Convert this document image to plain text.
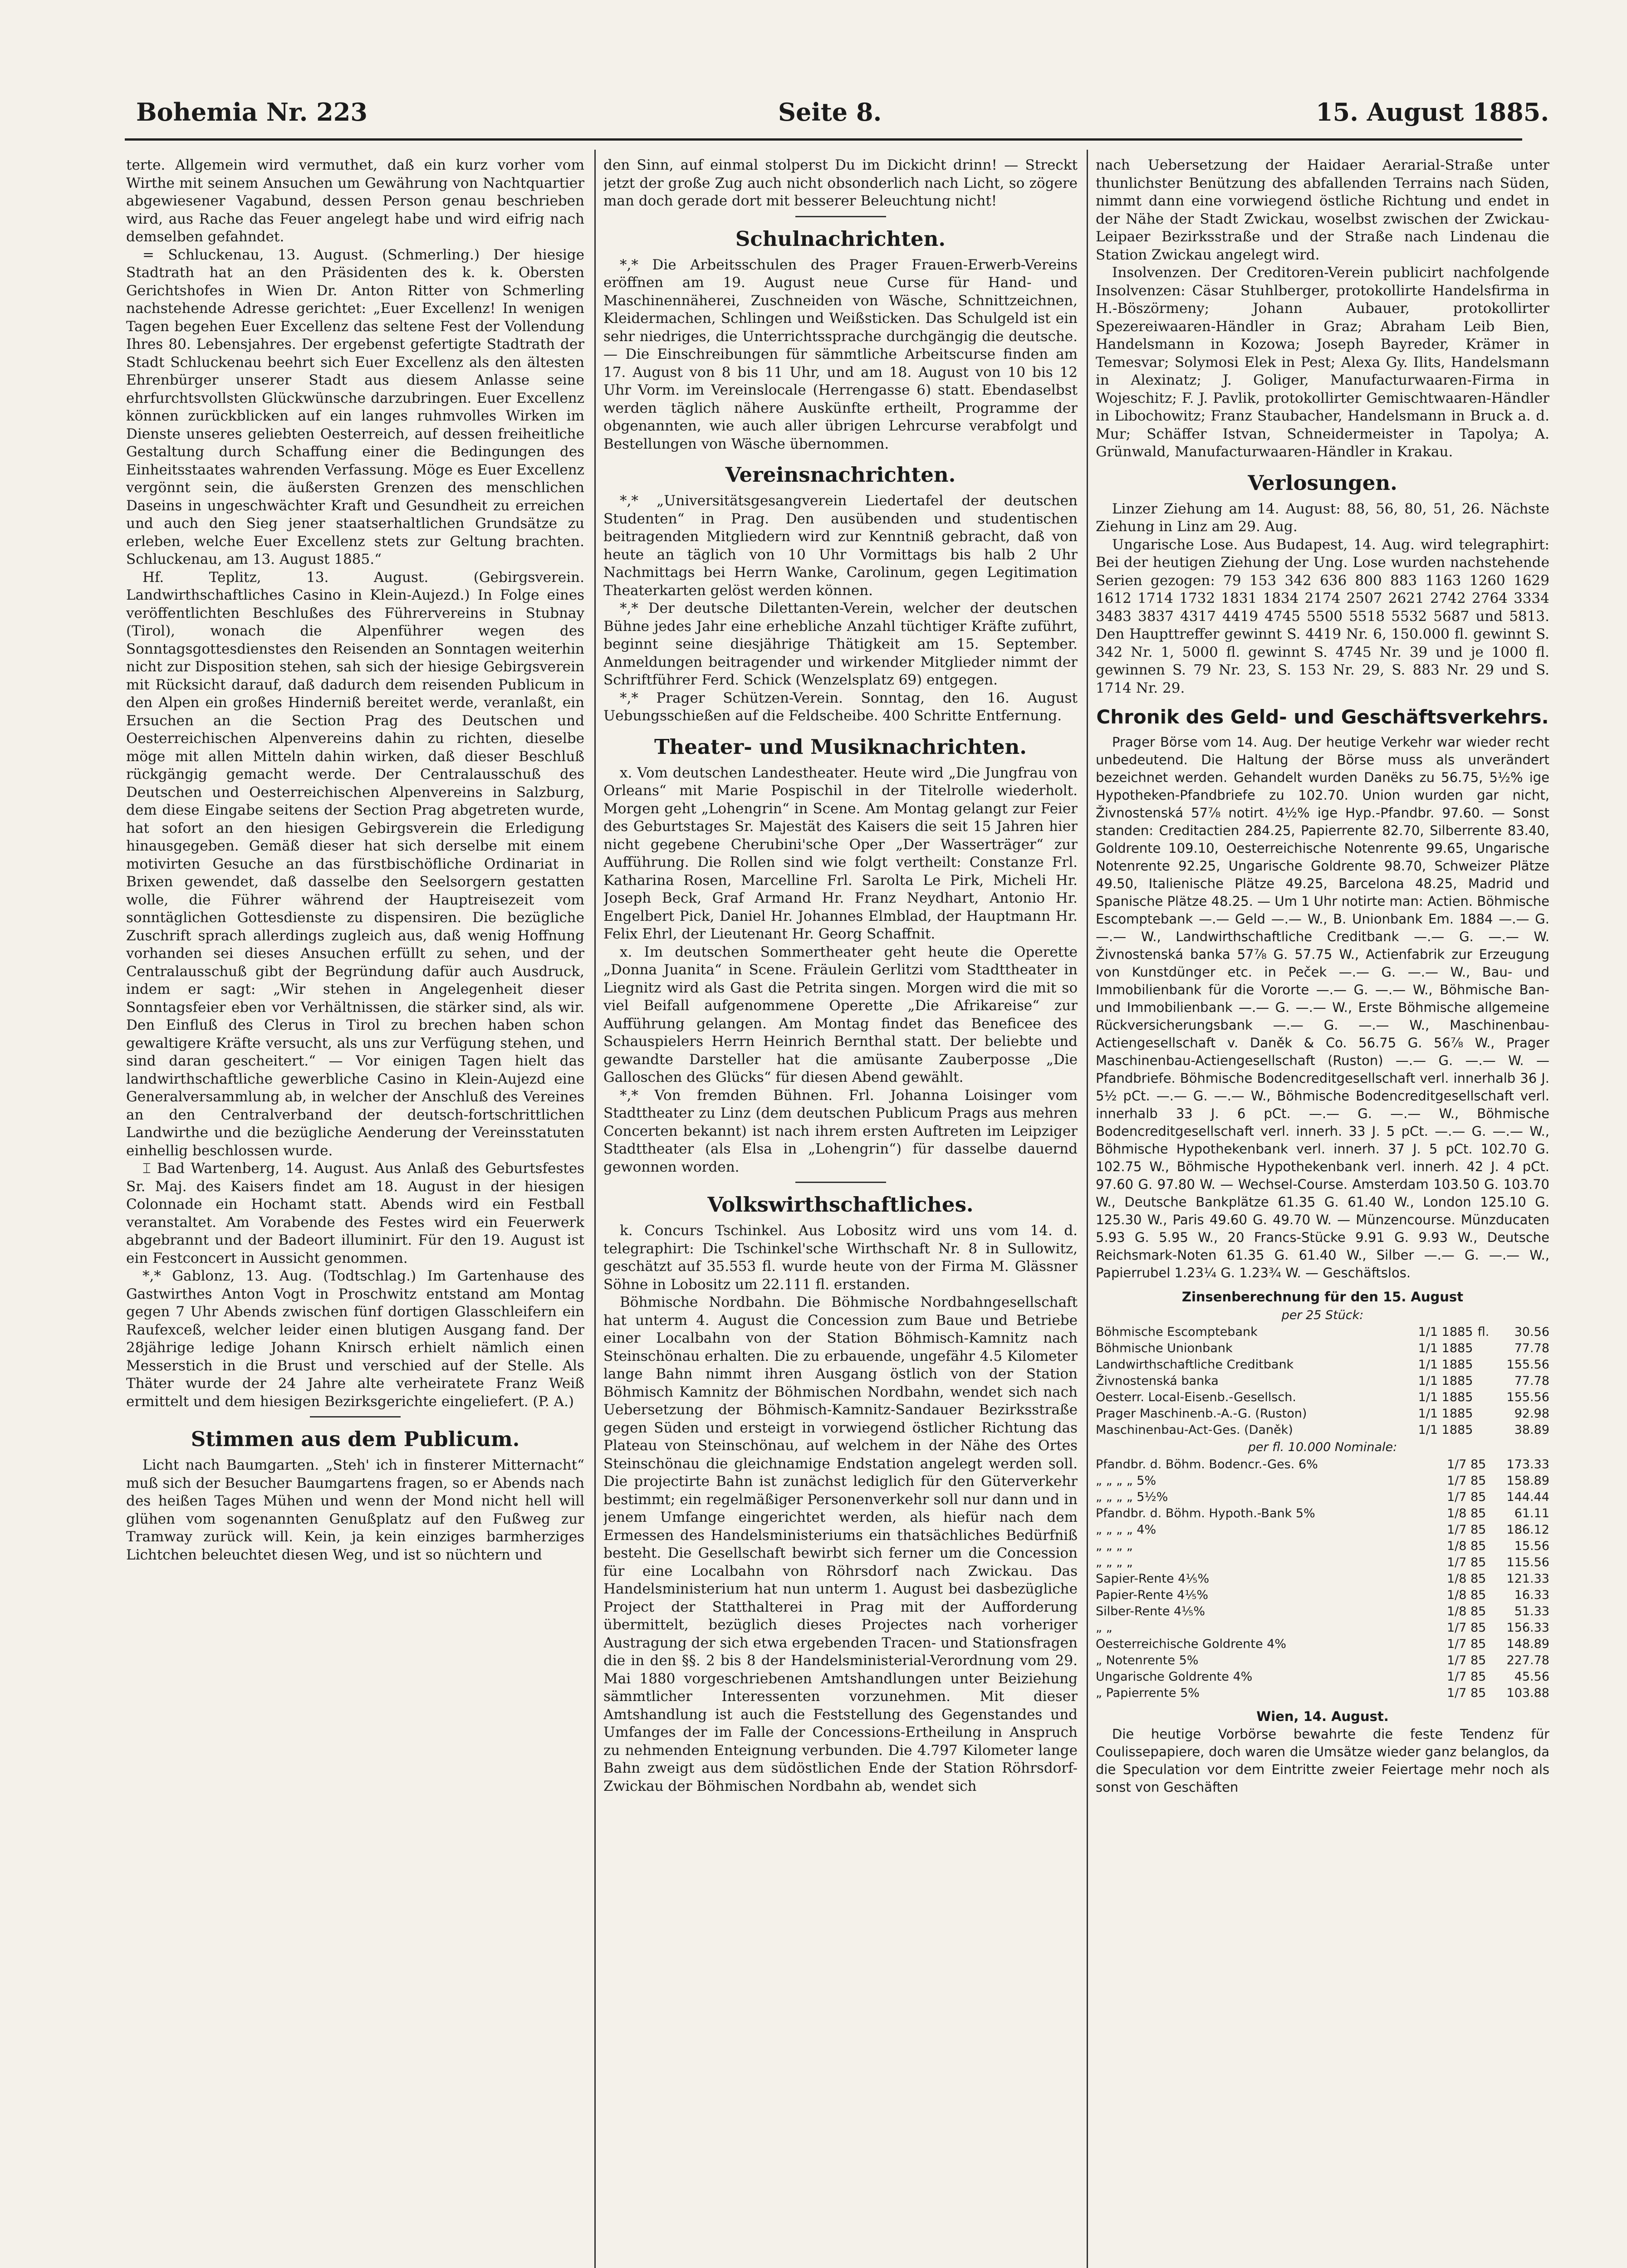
Bohemia Nr. 223	Seite 8.	15. August 1885.

terte. Allgemein wird vermuthet, daß ein kurz vorher vom Wirthe mit seinem Ansuchen um Gewährung von Nachtquartier abgewiesener Vagabund, dessen Person genau beschrieben wird, aus Rache das Feuer angelegt habe und wird eifrig nach demselben gefahndet.

= Schluckenau, 13. August. (Schmerling.) Der hiesige Stadtrath hat an den Präsidenten des k. k. Obersten Gerichtshofes in Wien Dr. Anton Ritter von Schmerling nachstehende Adresse gerichtet: „Euer Excellenz! In wenigen Tagen begehen Euer Excellenz das seltene Fest der Vollendung Ihres 80. Lebensjahres. Der ergebenst gefertigte Stadtrath der Stadt Schluckenau beehrt sich Euer Excellenz als den ältesten Ehrenbürger unserer Stadt aus diesem Anlasse seine ehrfurchtsvollsten Glückwünsche darzubringen. Euer Excellenz können zurückblicken auf ein langes ruhmvolles Wirken im Dienste unseres geliebten Oesterreich, auf dessen freiheitliche Gestaltung durch Schaffung einer die Bedingungen des Einheitsstaates wahrenden Verfassung. Möge es Euer Excellenz vergönnt sein, die äußersten Grenzen des menschlichen Daseins in ungeschwächter Kraft und Gesundheit zu erreichen und auch den Sieg jener staatserhaltlichen Grundsätze zu erleben, welche Euer Excellenz stets zur Geltung brachten. Schluckenau, am 13. August 1885.“

Hf. Teplitz, 13. August. (Gebirgsverein. Landwirthschaftliches Casino in Klein-Aujezd.) In Folge eines veröffentlichten Beschlußes des Führervereins in Stubnay (Tirol), wonach die Alpenführer wegen des Sonntagsgottesdienstes den Reisenden an Sonntagen weiterhin nicht zur Disposition stehen, sah sich der hiesige Gebirgsverein mit Rücksicht darauf, daß dadurch dem reisenden Publicum in den Alpen ein großes Hinderniß bereitet werde, veranlaßt, ein Ersuchen an die Section Prag des Deutschen und Oesterreichischen Alpenvereins dahin zu richten, dieselbe möge mit allen Mitteln dahin wirken, daß dieser Beschluß rückgängig gemacht werde. Der Centralausschuß des Deutschen und Oesterreichischen Alpenvereins in Salzburg, dem diese Eingabe seitens der Section Prag abgetreten wurde, hat sofort an den hiesigen Gebirgsverein die Erledigung hinausgegeben. Gemäß dieser hat sich derselbe mit einem motivirten Gesuche an das fürstbischöfliche Ordinariat in Brixen gewendet, daß dasselbe den Seelsorgern gestatten wolle, die Führer während der Hauptreisezeit vom sonntäglichen Gottesdienste zu dispensiren. Die bezügliche Zuschrift sprach allerdings zugleich aus, daß wenig Hoffnung vorhanden sei dieses Ansuchen erfüllt zu sehen, und der Centralausschuß gibt der Begründung dafür auch Ausdruck, indem er sagt: „Wir stehen in Angelegenheit dieser Sonntagsfeier eben vor Verhältnissen, die stärker sind, als wir. Den Einfluß des Clerus in Tirol zu brechen haben schon gewaltigere Kräfte versucht, als uns zur Verfügung stehen, und sind daran gescheitert.“ — Vor einigen Tagen hielt das landwirthschaftliche gewerbliche Casino in Klein-Aujezd eine Generalversammlung ab, in welcher der Anschluß des Vereines an den Centralverband der deutsch-fortschrittlichen Landwirthe und die bezügliche Aenderung der Vereinsstatuten einhellig beschlossen wurde.

⌶ Bad Wartenberg, 14. August. Aus Anlaß des Geburtsfestes Sr. Maj. des Kaisers findet am 18. August in der hiesigen Colonnade ein Hochamt statt. Abends wird ein Festball veranstaltet. Am Vorabende des Festes wird ein Feuerwerk abgebrannt und der Badeort illuminirt. Für den 19. August ist ein Festconcert in Aussicht genommen.

*,* Gablonz, 13. Aug. (Todtschlag.) Im Gartenhause des Gastwirthes Anton Vogt in Proschwitz entstand am Montag gegen 7 Uhr Abends zwischen fünf dortigen Glasschleifern ein Raufexceß, welcher leider einen blutigen Ausgang fand. Der 28jährige ledige Johann Knirsch erhielt nämlich einen Messerstich in die Brust und verschied auf der Stelle. Als Thäter wurde der 24 Jahre alte verheiratete Franz Weiß ermittelt und dem hiesigen Bezirksgerichte eingeliefert. (P. A.)

Stimmen aus dem Publicum.

Licht nach Baumgarten. „Steh' ich in finsterer Mitternacht“ muß sich der Besucher Baumgartens fragen, so er Abends nach des heißen Tages Mühen und wenn der Mond nicht hell will glühen vom sogenannten Genußplatz auf den Fußweg zur Tramway zurück will. Kein, ja kein einziges barmherziges Lichtchen beleuchtet diesen Weg, und ist so nüchtern und

den Sinn, auf einmal stolperst Du im Dickicht drinn! — Streckt jetzt der große Zug auch nicht obsonderlich nach Licht, so zögere man doch gerade dort mit besserer Beleuchtung nicht!

Schulnachrichten.

*,* Die Arbeitsschulen des Prager Frauen-Erwerb-Vereins eröffnen am 19. August neue Curse für Hand- und Maschinennäherei, Zuschneiden von Wäsche, Schnittzeichnen, Kleidermachen, Schlingen und Weißsticken. Das Schulgeld ist ein sehr niedriges, die Unterrichtssprache durchgängig die deutsche. — Die Einschreibungen für sämmtliche Arbeitscurse finden am 17. August von 8 bis 11 Uhr, und am 18. August von 10 bis 12 Uhr Vorm. im Vereinslocale (Herrengasse 6) statt. Ebendaselbst werden täglich nähere Auskünfte ertheilt, Programme der obgenannten, wie auch aller übrigen Lehrcurse verabfolgt und Bestellungen von Wäsche übernommen.

Vereinsnachrichten.

*,* „Universitätsgesangverein Liedertafel der deutschen Studenten“ in Prag. Den ausübenden und studentischen beitragenden Mitgliedern wird zur Kenntniß gebracht, daß von heute an täglich von 10 Uhr Vormittags bis halb 2 Uhr Nachmittags bei Herrn Wanke, Carolinum, gegen Legitimation Theaterkarten gelöst werden können.

*,* Der deutsche Dilettanten-Verein, welcher der deutschen Bühne jedes Jahr eine erhebliche Anzahl tüchtiger Kräfte zuführt, beginnt seine diesjährige Thätigkeit am 15. September. Anmeldungen beitragender und wirkender Mitglieder nimmt der Schriftführer Ferd. Schick (Wenzelsplatz 69) entgegen.

*,* Prager Schützen-Verein. Sonntag, den 16. August Uebungsschießen auf die Feldscheibe. 400 Schritte Entfernung.

Theater- und Musiknachrichten.

x. Vom deutschen Landestheater. Heute wird „Die Jungfrau von Orleans“ mit Marie Pospischil in der Titelrolle wiederholt. Morgen geht „Lohengrin“ in Scene. Am Montag gelangt zur Feier des Geburtstages Sr. Majestät des Kaisers die seit 15 Jahren hier nicht gegebene Cherubini'sche Oper „Der Wasserträger“ zur Aufführung. Die Rollen sind wie folgt vertheilt: Constanze Frl. Katharina Rosen, Marcelline Frl. Sarolta Le Pirk, Micheli Hr. Joseph Beck, Graf Armand Hr. Franz Neydhart, Antonio Hr. Engelbert Pick, Daniel Hr. Johannes Elmblad, der Hauptmann Hr. Felix Ehrl, der Lieutenant Hr. Georg Schaffnit.

x. Im deutschen Sommertheater geht heute die Operette „Donna Juanita“ in Scene. Fräulein Gerlitzi vom Stadttheater in Liegnitz wird als Gast die Petrita singen. Morgen wird die mit so viel Beifall aufgenommene Operette „Die Afrikareise“ zur Aufführung gelangen. Am Montag findet das Beneficee des Schauspielers Herrn Heinrich Bernthal statt. Der beliebte und gewandte Darsteller hat die amüsante Zauberposse „Die Galloschen des Glücks“ für diesen Abend gewählt.

*,* Von fremden Bühnen. Frl. Johanna Loisinger vom Stadttheater zu Linz (dem deutschen Publicum Prags aus mehren Concerten bekannt) ist nach ihrem ersten Auftreten im Leipziger Stadttheater (als Elsa in „Lohengrin“) für dasselbe dauernd gewonnen worden.

Volkswirthschaftliches.

k. Concurs Tschinkel. Aus Lobositz wird uns vom 14. d. telegraphirt: Die Tschinkel'sche Wirthschaft Nr. 8 in Sullowitz, geschätzt auf 35.553 fl. wurde heute von der Firma M. Glässner Söhne in Lobositz um 22.111 fl. erstanden.

Böhmische Nordbahn. Die Böhmische Nordbahngesellschaft hat unterm 4. August die Concession zum Baue und Betriebe einer Localbahn von der Station Böhmisch-Kamnitz nach Steinschönau erhalten. Die zu erbauende, ungefähr 4.5 Kilometer lange Bahn nimmt ihren Ausgang östlich von der Station Böhmisch Kamnitz der Böhmischen Nordbahn, wendet sich nach Uebersetzung der Böhmisch-Kamnitz-Sandauer Bezirksstraße gegen Süden und ersteigt in vorwiegend östlicher Richtung das Plateau von Steinschönau, auf welchem in der Nähe des Ortes Steinschönau die gleichnamige Endstation angelegt werden soll. Die projectirte Bahn ist zunächst lediglich für den Güterverkehr bestimmt; ein regelmäßiger Personenverkehr soll nur dann und in jenem Umfange eingerichtet werden, als hiefür nach dem Ermessen des Handelsministeriums ein thatsächliches Bedürfniß besteht. Die Gesellschaft bewirbt sich ferner um die Concession für eine Localbahn von Röhrsdorf nach Zwickau. Das Handelsministerium hat nun unterm 1. August bei dasbezügliche Project der Statthalterei in Prag mit der Aufforderung übermittelt, bezüglich dieses Projectes nach vorheriger Austragung der sich etwa ergebenden Tracen- und Stationsfragen die in den §§. 2 bis 8 der Handelsministerial-Verordnung vom 29. Mai 1880 vorgeschriebenen Amtshandlungen unter Beiziehung sämmtlicher Interessenten vorzunehmen. Mit dieser Amtshandlung ist auch die Feststellung des Gegenstandes und Umfanges der im Falle der Concessions-Ertheilung in Anspruch zu nehmenden Enteignung verbunden. Die 4.797 Kilometer lange Bahn zweigt aus dem südöstlichen Ende der Station Röhrsdorf-Zwickau der Böhmischen Nordbahn ab, wendet sich

nach Uebersetzung der Haidaer Aerarial-Straße unter thunlichster Benützung des abfallenden Terrains nach Süden, nimmt dann eine vorwiegend östliche Richtung und endet in der Nähe der Stadt Zwickau, woselbst zwischen der Zwickau-Leipaer Bezirksstraße und der Straße nach Lindenau die Station Zwickau angelegt wird.

Insolvenzen. Der Creditoren-Verein publicirt nachfolgende Insolvenzen: Cäsar Stuhlberger, protokollirte Handelsfirma in H.-Böszörmeny; Johann Aubauer, protokollirter Spezereiwaaren-Händler in Graz; Abraham Leib Bien, Handelsmann in Kozowa; Joseph Bayreder, Krämer in Temesvar; Solymosi Elek in Pest; Alexa Gy. Ilits, Handelsmann in Alexinatz; J. Goliger, Manufacturwaaren-Firma in Wojeschitz; F. J. Pavlik, protokollirter Gemischtwaaren-Händler in Libochowitz; Franz Staubacher, Handelsmann in Bruck a. d. Mur; Schäffer Istvan, Schneidermeister in Tapolya; A. Grünwald, Manufacturwaaren-Händler in Krakau.

Verlosungen.

Linzer Ziehung am 14. August: 88, 56, 80, 51, 26. Nächste Ziehung in Linz am 29. Aug.

Ungarische Lose. Aus Budapest, 14. Aug. wird telegraphirt: Bei der heutigen Ziehung der Ung. Lose wurden nachstehende Serien gezogen: 79 153 342 636 800 883 1163 1260 1629 1612 1714 1732 1831 1834 2174 2507 2621 2742 2764 3334 3483 3837 4317 4419 4745 5500 5518 5532 5687 und 5813. Den Haupttreffer gewinnt S. 4419 Nr. 6, 150.000 fl. gewinnt S. 342 Nr. 1, 5000 fl. gewinnt S. 4745 Nr. 39 und je 1000 fl. gewinnen S. 79 Nr. 23, S. 153 Nr. 29, S. 883 Nr. 29 und S. 1714 Nr. 29.

Chronik des Geld- und Geschäftsverkehrs.

Prager Börse vom 14. Aug. Der heutige Verkehr war wieder recht unbedeutend. Die Haltung der Börse muss als unverändert bezeichnet werden. Gehandelt wurden Danëks zu 56.75, 5½% ige Hypotheken-Pfandbriefe zu 102.70. Union wurden gar nicht, Živnostenská 57⅞ notirt. 4½% ige Hyp.-Pfandbr. 97.60. — Sonst standen: Creditactien 284.25, Papierrente 82.70, Silberrente 83.40, Goldrente 109.10, Oesterreichische Notenrente 99.65, Ungarische Notenrente 92.25, Ungarische Goldrente 98.70, Schweizer Plätze 49.50, Italienische Plätze 49.25, Barcelona 48.25, Madrid und Spanische Plätze 48.25. — Um 1 Uhr notirte man: Actien. Böhmische Escomptebank —.— Geld —.— W., B. Unionbank Em. 1884 —.— G. —.— W., Landwirthschaftliche Creditbank —.— G. —.— W. Živnostenská banka 57⅞ G. 57.75 W., Actienfabrik zur Erzeugung von Kunstdünger etc. in Peček —.— G. —.— W., Bau- und Immobilienbank für die Vororte —.— G. —.— W., Böhmische Ban- und Immobilienbank —.— G. —.— W., Erste Böhmische allgemeine Rückversicherungsbank —.— G. —.— W., Maschinenbau-Actiengesellschaft v. Daněk & Co. 56.75 G. 56⅞ W., Prager Maschinenbau-Actiengesellschaft (Ruston) —.— G. —.— W. — Pfandbriefe. Böhmische Bodencreditgesellschaft verl. innerhalb 36 J. 5½ pCt. —.— G. —.— W., Böhmische Bodencreditgesellschaft verl. innerhalb 33 J. 6 pCt. —.— G. —.— W., Böhmische Bodencreditgesellschaft verl. innerh. 33 J. 5 pCt. —.— G. —.— W., Böhmische Hypothekenbank verl. innerh. 37 J. 5 pCt. 102.70 G. 102.75 W., Böhmische Hypothekenbank verl. innerh. 42 J. 4 pCt. 97.60 G. 97.80 W. — Wechsel-Course. Amsterdam 103.50 G. 103.70 W., Deutsche Bankplätze 61.35 G. 61.40 W., London 125.10 G. 125.30 W., Paris 49.60 G. 49.70 W. — Münzencourse. Münzducaten 5.93 G. 5.95 W., 20 Francs-Stücke 9.91 G. 9.93 W., Deutsche Reichsmark-Noten 61.35 G. 61.40 W., Silber —.— G. —.— W., Papierrubel 1.23¼ G. 1.23¾ W. — Geschäftslos.

Zinsenberechnung für den 15. August
per 25 Stück:
Böhmische Escomptebank	1/1 1885	fl.	30.56
Böhmische Unionbank	1/1 1885		77.78
Landwirthschaftliche Creditbank	1/1 1885		155.56
Živnostenská banka	1/1 1885		77.78
Oesterr. Local-Eisenb.-Gesellsch.	1/1 1885		155.56
Prager Maschinenb.-A.-G. (Ruston)	1/1 1885		92.98
Maschinenbau-Act-Ges. (Daněk)	1/1 1885		38.89
per fl. 10.000 Nominale:
Pfandbr. d. Böhm. Bodencr.-Ges. 6%	1/7 85		173.33
„ „ „ „ 5%	1/7 85		158.89
„ „ „ „ 5½%	1/7 85		144.44
Pfandbr. d. Böhm. Hypoth.-Bank 5%	1/8 85		61.11
„ „ „ „ 4%	1/7 85		186.12
„ „ „ „	1/8 85		15.56
„ „ „ „	1/7 85		115.56
Sapier-Rente 4⅕%	1/8 85		121.33
Papier-Rente 4⅕%	1/8 85		16.33
Silber-Rente 4⅕%	1/8 85		51.33
„ „	1/7 85		156.33
Oesterreichische Goldrente 4%	1/7 85		148.89
„ Notenrente 5%	1/7 85		227.78
Ungarische Goldrente 4%	1/7 85		45.56
„ Papierrente 5%	1/7 85		103.88
Wien, 14. August.

Die heutige Vorbörse bewahrte die feste Tendenz für Coulissepapiere, doch waren die Umsätze wieder ganz belanglos, da die Speculation vor dem Eintritte zweier Feiertage mehr noch als sonst von Geschäften
